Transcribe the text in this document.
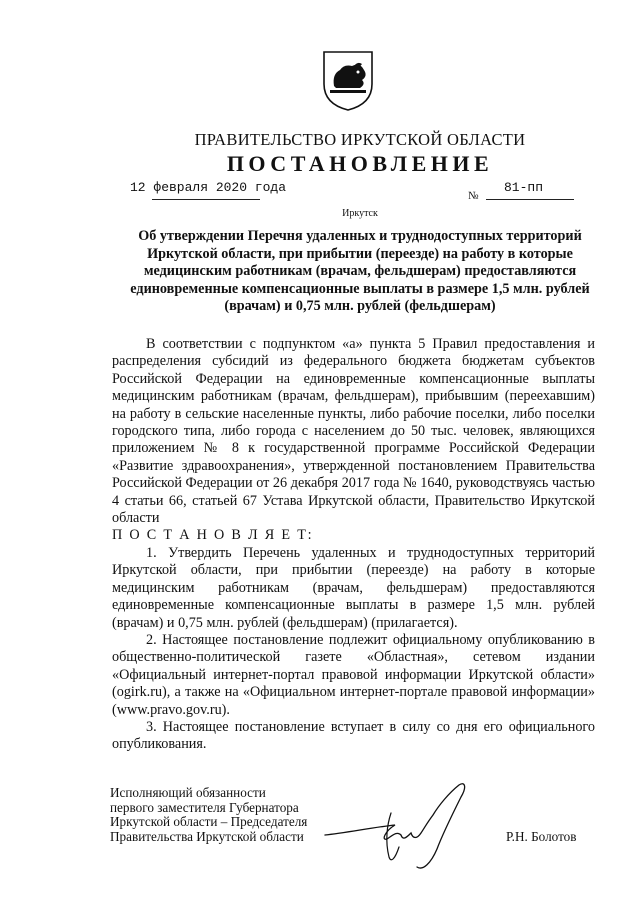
ПРАВИТЕЛЬСТВО ИРКУТСКОЙ ОБЛАСТИ
ПОСТАНОВЛЕНИЕ
12 февраля 2020 года
№
81-пп
Иркутск
Об утверждении Перечня удаленных и труднодоступных территорий Иркутской области, при прибытии (переезде) на работу в которые медицинским работникам (врачам, фельдшерам) предоставляются единовременные компенсационные выплаты в размере 1,5 млн. рублей (врачам) и 0,75 млн. рублей (фельдшерам)

В соответствии с подпунктом «а» пункта 5 Правил предоставления и распределения субсидий из федерального бюджета бюджетам субъектов Российской Федерации на единовременные компенсационные выплаты медицинским работникам (врачам, фельдшерам), прибывшим (переехавшим) на работу в сельские населенные пункты, либо рабочие поселки, либо поселки городского типа, либо города с населением до 50 тыс. человек, являющихся приложением № 8 к государственной программе Российской Федерации «Развитие здравоохранения», утвержденной постановлением Правительства Российской Федерации от 26 декабря 2017 года № 1640, руководствуясь частью 4 статьи 66, статьей 67 Устава Иркутской области, Правительство Иркутской области

П О С Т А Н О В Л Я Е Т:

1. Утвердить Перечень удаленных и труднодоступных территорий Иркутской области, при прибытии (переезде) на работу в которые медицинским работникам (врачам, фельдшерам) предоставляются единовременные компенсационные выплаты в размере 1,5 млн. рублей (врачам) и 0,75 млн. рублей (фельдшерам) (прилагается).

2. Настоящее постановление подлежит официальному опубликованию в общественно-политической газете «Областная», сетевом издании «Официальный интернет-портал правовой информации Иркутской области» (ogirk.ru), а также на «Официальном интернет-портале правовой информации» (www.pravo.gov.ru).

3. Настоящее постановление вступает в силу со дня его официального опубликования.

Исполняющий обязанности
первого заместителя Губернатора
Иркутской области – Председателя
Правительства Иркутской области	Р.Н. Болотов
